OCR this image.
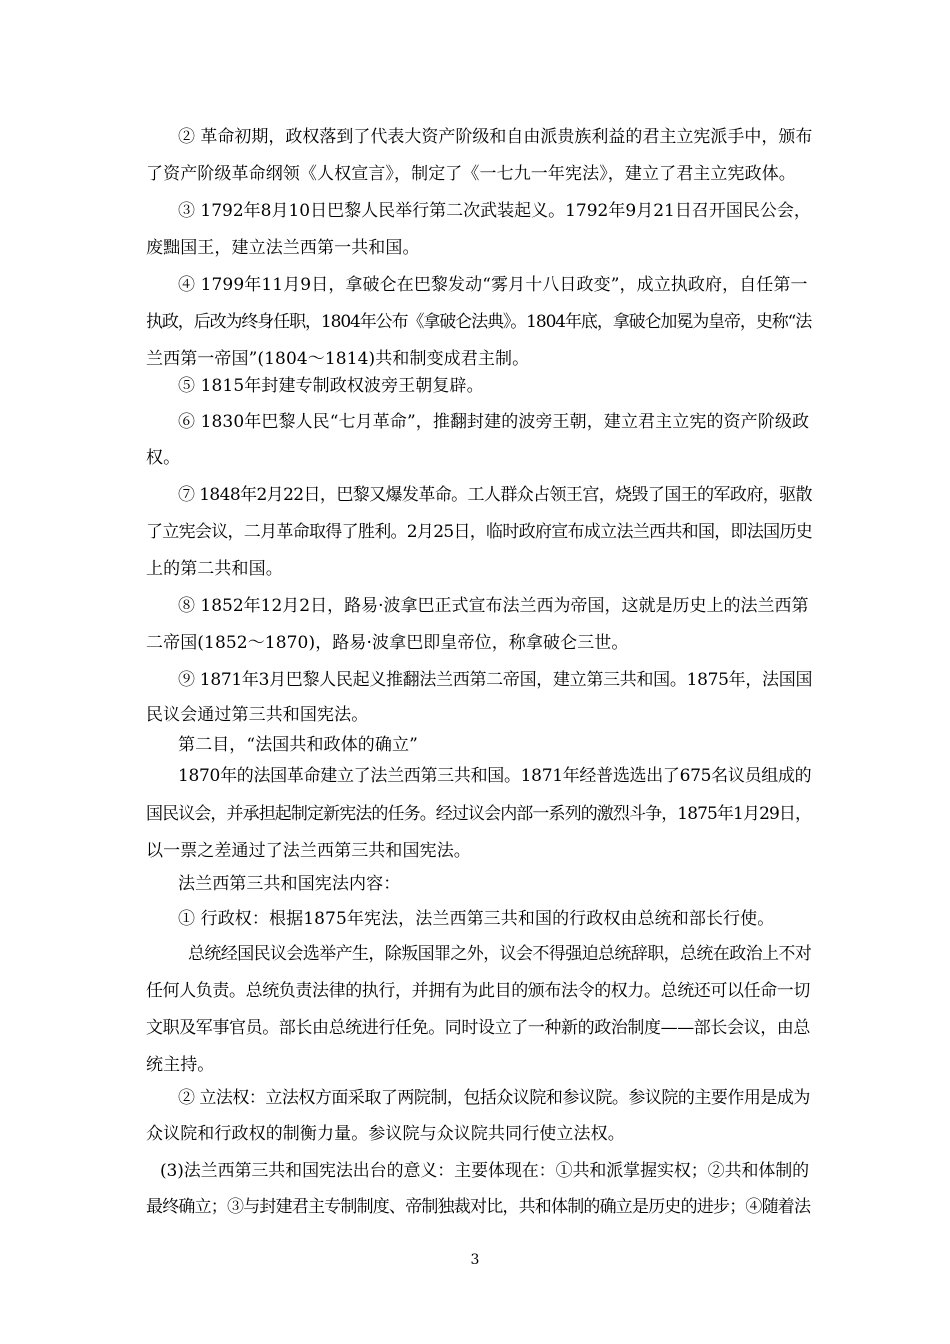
② 革命初期，政权落到了代表大资产阶级和自由派贵族利益的君主立宪派手中，颁布
了资产阶级革命纲领《人权宣言》，制定了《一七九一年宪法》，建立了君主立宪政体。
③ 1792年8月10日巴黎人民举行第二次武装起义。1792年9月21日召开国民公会，
废黜国王，建立法兰西第一共和国。
④ 1799年11月9日，拿破仑在巴黎发动“雾月十八日政变”，成立执政府，自任第一
执政，后改为终身任职，1804年公布《拿破仑法典》。1804年底，拿破仑加冕为皇帝，史称“法
兰西第一帝国”(1804～1814)共和制变成君主制。
⑤ 1815年封建专制政权波旁王朝复辟。
⑥ 1830年巴黎人民“七月革命”，推翻封建的波旁王朝，建立君主立宪的资产阶级政
权。
⑦ 1848年2月22日，巴黎又爆发革命。工人群众占领王宫，烧毁了国王的军政府，驱散
了立宪会议，二月革命取得了胜利。2月25日，临时政府宣布成立法兰西共和国，即法国历史
上的第二共和国。
⑧ 1852年12月2日，路易·波拿巴正式宣布法兰西为帝国，这就是历史上的法兰西第
二帝国(1852～1870)，路易·波拿巴即皇帝位，称拿破仑三世。
⑨ 1871年3月巴黎人民起义推翻法兰西第二帝国，建立第三共和国。1875年，法国国
民议会通过第三共和国宪法。
第二目，“法国共和政体的确立”
1870年的法国革命建立了法兰西第三共和国。1871年经普选选出了675名议员组成的
国民议会，并承担起制定新宪法的任务。经过议会内部一系列的激烈斗争，1875年1月29日，
以一票之差通过了法兰西第三共和国宪法。
法兰西第三共和国宪法内容：
① 行政权：根据1875年宪法，法兰西第三共和国的行政权由总统和部长行使。
总统经国民议会选举产生，除叛国罪之外，议会不得强迫总统辞职，总统在政治上不对
任何人负责。总统负责法律的执行，并拥有为此目的颁布法令的权力。总统还可以任命一切
文职及军事官员。部长由总统进行任免。同时设立了一种新的政治制度——部长会议，由总
统主持。
② 立法权：立法权方面采取了两院制，包括众议院和参议院。参议院的主要作用是成为
众议院和行政权的制衡力量。参议院与众议院共同行使立法权。
(3)法兰西第三共和国宪法出台的意义：主要体现在：①共和派掌握实权；②共和体制的
最终确立；③与封建君主专制制度、帝制独裁对比，共和体制的确立是历史的进步；④随着法
3
